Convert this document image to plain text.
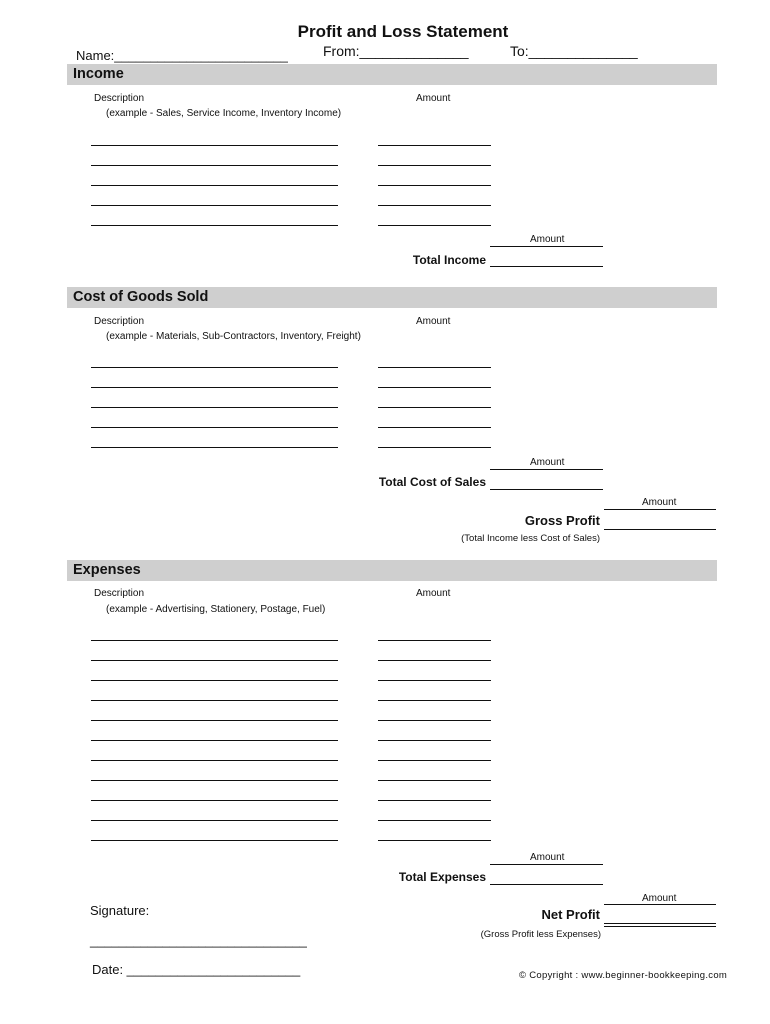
Profit and Loss Statement
Name:________________________	From:______________	To:______________
Income
Description	Amount
(example - Sales, Service Income, Inventory Income)
Amount
Total Income
Cost of Goods Sold
Description	Amount
(example - Materials, Sub-Contractors, Inventory, Freight)
Amount
Total Cost of Sales
Amount
Gross Profit
(Total Income less Cost of Sales)
Expenses
Description	Amount
(example - Advertising, Stationery, Postage, Fuel)
Amount
Total Expenses
Amount
Net Profit
(Gross Profit less Expenses)
Signature:
______________________________
Date: ________________________	© Copyright : www.beginner-bookkeeping.com
